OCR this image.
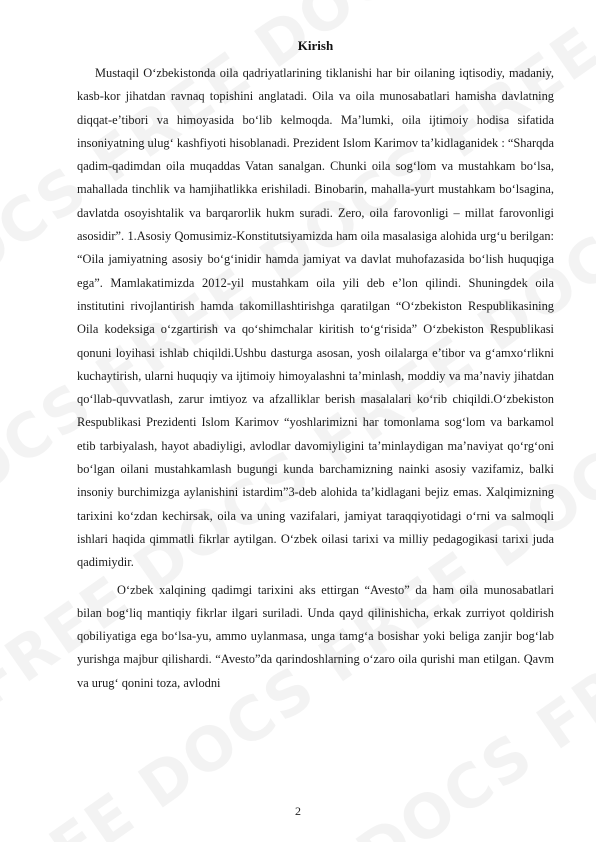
Kirish

Mustaqil O‘zbekistonda oila qadriyatlarining tiklanishi har bir oilaning iqtisodiy, madaniy, kasb-kor jihatdan ravnaq topishini anglatadi. Oila va oila munosabatlari hamisha davlatning diqqat-e’tibori va himoyasida bo‘lib kelmoqda. Ma’lumki, oila ijtimoiy hodisa sifatida insoniyatning ulug‘ kashfiyoti hisoblanadi. Prezident Islom Karimov ta’kidlaganidek : “Sharqda qadim-qadimdan oila muqaddas Vatan sanalgan. Chunki oila sog‘lom va mustahkam bo‘lsa, mahallada tinchlik va hamjihatlikka erishiladi. Binobarin, mahalla-yurt mustahkam bo‘lsagina, davlatda osoyishtalik va barqarorlik hukm suradi. Zero, oila farovonligi – millat farovonligi asosidir”. 1.Asosiy Qomusimiz-Konstitutsiyamizda ham oila masalasiga alohida urg‘u berilgan: “Oila jamiyatning asosiy bo‘g‘inidir hamda jamiyat va davlat muhofazasida bo‘lish huquqiga ega”. Mamlakatimizda 2012-yil mustahkam oila yili deb e’lon qilindi. Shuningdek oila institutini rivojlantirish hamda takomillashtirishga qaratilgan “O‘zbekiston Respublikasining Oila kodeksiga o‘zgartirish va qo‘shimchalar kiritish to‘g‘risida” O‘zbekiston Respublikasi qonuni loyihasi ishlab chiqildi.Ushbu dasturga asosan, yosh oilalarga e’tibor va g‘amxo‘rlikni kuchaytirish, ularni huquqiy va ijtimoiy himoyalashni ta’minlash, moddiy va ma’naviy jihatdan qo‘llab-quvvatlash, zarur imtiyoz va afzalliklar berish masalalari ko‘rib chiqildi.O‘zbekiston Respublikasi Prezidenti Islom Karimov “yoshlarimizni har tomonlama sog‘lom va barkamol etib tarbiyalash, hayot abadiyligi, avlodlar davomiyligini ta’minlaydigan ma’naviyat qo‘rg‘oni bo‘lgan oilani mustahkamlash bugungi kunda barchamizning nainki asosiy vazifamiz, balki insoniy burchimizga aylanishini istardim”3-deb alohida ta’kidlagani bejiz emas. Xalqimizning tarixini ko‘zdan kechirsak, oila va uning vazifalari, jamiyat taraqqiyotidagi o‘rni va salmoqli ishlari haqida qimmatli fikrlar aytilgan. O‘zbek oilasi tarixi va milliy pedagogikasi tarixi juda qadimiydir.

O‘zbek xalqining qadimgi tarixini aks ettirgan “Avesto” da ham oila munosabatlari bilan bog‘liq mantiqiy fikrlar ilgari suriladi. Unda qayd qilinishicha, erkak zurriyot qoldirish qobiliyatiga ega bo‘lsa-yu, ammo uylanmasa, unga tamg‘a bosishar yoki beliga zanjir bog‘lab yurishga majbur qilishardi. “Avesto”da qarindoshlarning o‘zaro oila qurishi man etilgan. Qavm va urug‘ qonini toza, avlodni

2
